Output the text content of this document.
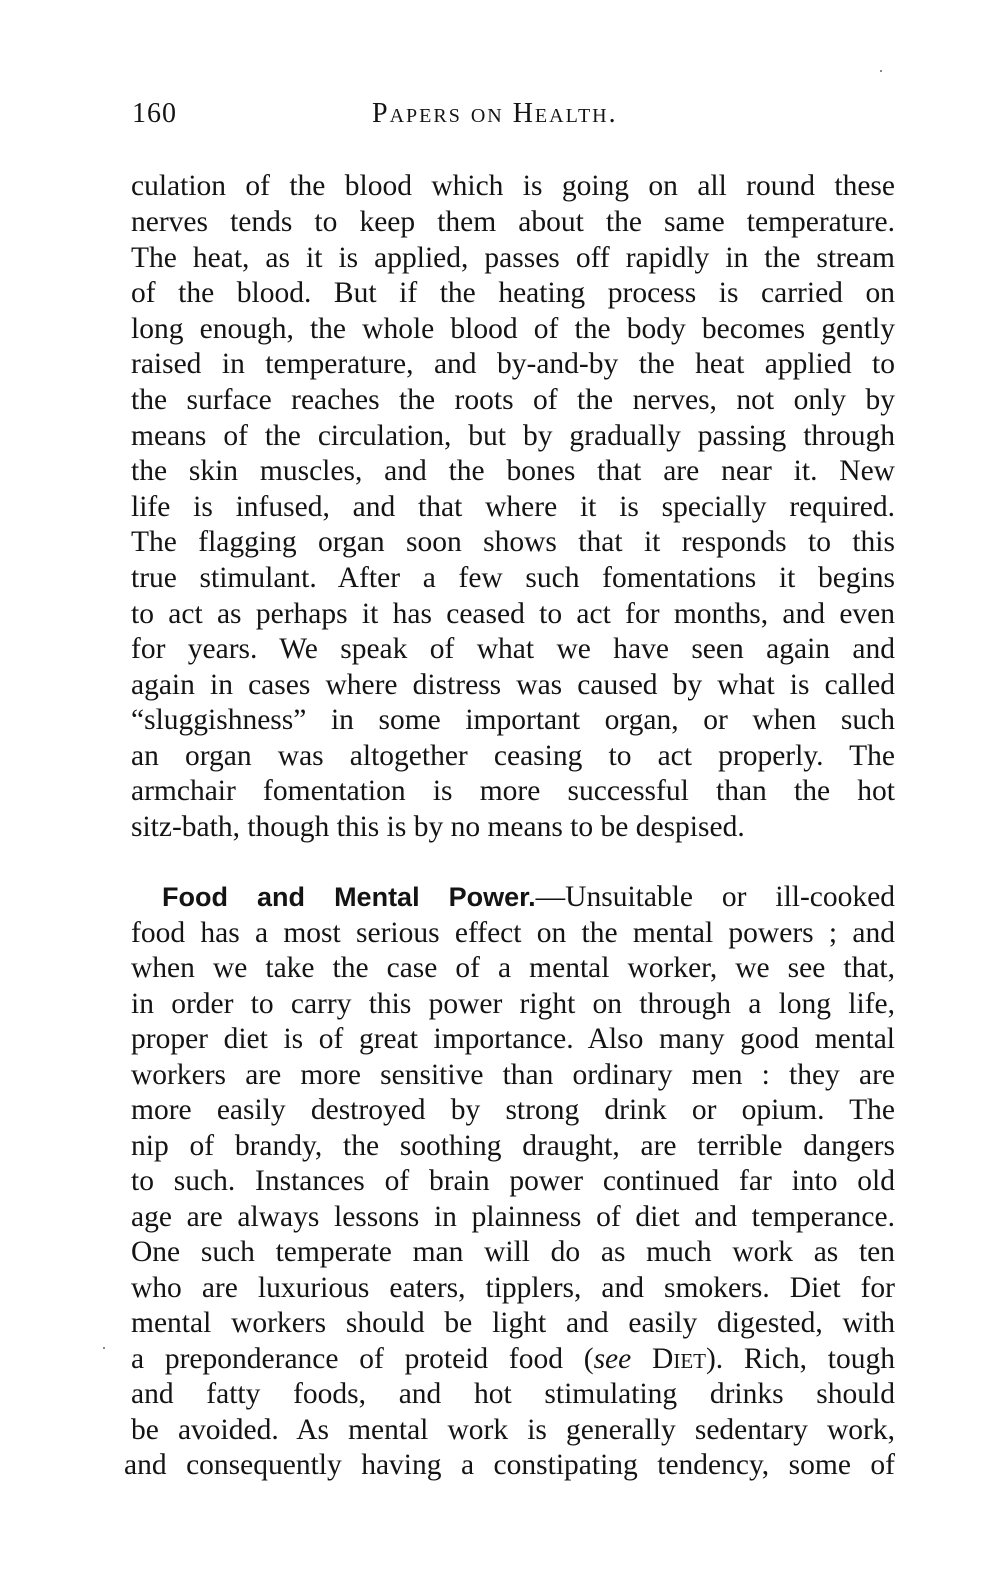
160	Papers on Health.
culation of the blood which is going on all round these
nerves tends to keep them about the same temperature.
The heat, as it is applied, passes off rapidly in the stream
of the blood. But if the heating process is carried on
long enough, the whole blood of the body becomes gently
raised in temperature, and by-and-by the heat applied to
the surface reaches the roots of the nerves, not only by
means of the circulation, but by gradually passing through
the skin muscles, and the bones that are near it. New
life is infused, and that where it is specially required.
The flagging organ soon shows that it responds to this
true stimulant. After a few such fomentations it begins
to act as perhaps it has ceased to act for months, and even
for years. We speak of what we have seen again and
again in cases where distress was caused by what is called
“sluggishness” in some important organ, or when such
an organ was altogether ceasing to act properly. The
armchair fomentation is more successful than the hot
sitz-bath, though this is by no means to be despised.
Food and Mental Power.—Unsuitable or ill-cooked
food has a most serious effect on the mental powers ; and
when we take the case of a mental worker, we see that,
in order to carry this power right on through a long life,
proper diet is of great importance. Also many good mental
workers are more sensitive than ordinary men : they are
more easily destroyed by strong drink or opium. The
nip of brandy, the soothing draught, are terrible dangers
to such. Instances of brain power continued far into old
age are always lessons in plainness of diet and temperance.
One such temperate man will do as much work as ten
who are luxurious eaters, tipplers, and smokers. Diet for
mental workers should be light and easily digested, with
a preponderance of proteid food (see Diet). Rich, tough
and fatty foods, and hot stimulating drinks should
be avoided. As mental work is generally sedentary work,
and consequently having a constipating tendency, some of
